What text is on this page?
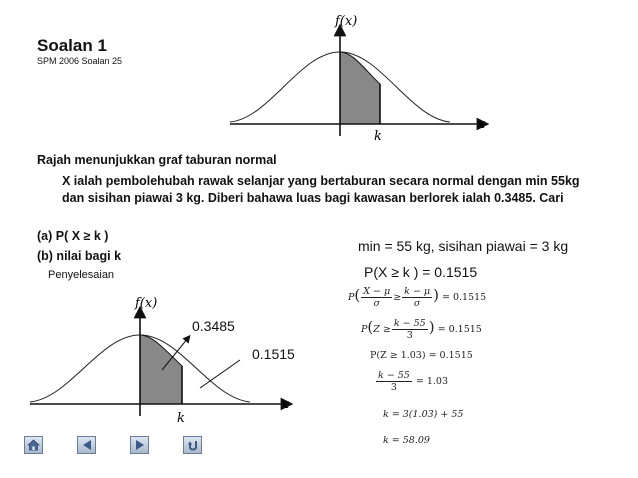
Soalan 1
SPM 2006 Soalan 25
f(x)
x
k
Rajah menunjukkan graf taburan normal
X ialah pembolehubah rawak selanjar yang bertaburan secara normal dengan min 55kg dan sisihan piawai 3 kg. Diberi bahawa luas bagi kawasan berlorek ialah 0.3485. Cari
(a) P( X ≥ k )
(b) nilai bagi k
Penyelesaian
min = 55 kg, sisihan piawai = 3 kg
P(X ≥ k ) = 0.1515
f(x)
x
k
0.3485
0.1515
$P( \frac{X - \mu}{\sigma} \ge \frac{k - \mu}{\sigma}$ ) = 0.1515
$P(Z \ge \frac{k - 55}{3}$ ) = 0.1515
P(Z ≥ 1.03) = 0.1515
$\frac{k - 55}{3} = 1.03$
k = 3(1.03) + 55
k = 58.09
